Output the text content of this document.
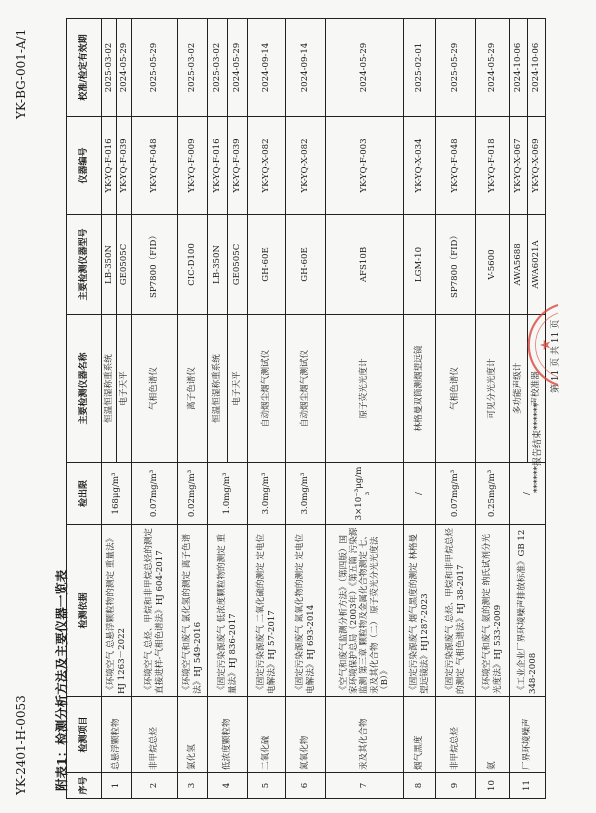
YK-2401-H-0053
YK-BG-001-A/1
附表1：检测分析方法及主要仪器一览表 序号	检测项目	检测依据	检出限	主要检测仪器名称	主要检测仪器型号	仪器编号	校准/检定有效期
1	总悬浮颗粒物	《环境空气 总悬浮颗粒物的测定 重量法》HJ 1263－2022	168μg/m³	恒温恒湿称重系统	LB-350N	YK-YQ-F-016	2025-03-02
				电子天平	GE0505C	YK-YQ-F-039	2024-05-29
2	非甲烷总烃	《环境空气 总烃、甲烷和非甲烷总烃的测定 直接进样-气相色谱法》HJ 604-2017	0.07mg/m³	气相色谱仪	SP7800（FID）	YK-YQ-F-048	2025-05-29
3	氯化氢	《环境空气和废气 氯化氢的测定 离子色谱法》HJ 549-2016	0.02mg/m³	离子色谱仪	CIC-D100	YK-YQ-F-009	2025-03-02
4	低浓度颗粒物	《固定污染源废气 低浓度颗粒物的测定 重量法》HJ 836-2017	1.0mg/m³	恒温恒湿称重系统	LB-350N	YK-YQ-F-016	2025-03-02
				电子天平	GE0505C	YK-YQ-F-039	2024-05-29
5	二氧化硫	《固定污染源废气 二氧化硫的测定 定电位电解法》HJ 57-2017	3.0mg/m³	自动烟尘烟气测试仪	GH-60E	YK-YQ-X-082	2024-09-14
6	氮氧化物	《固定污染源废气 氮氧化物的测定 定电位电解法》HJ 693-2014	3.0mg/m³	自动烟尘烟气测试仪	GH-60E	YK-YQ-X-082	2024-09-14
7	汞及其化合物	《空气和废气监测分析方法》（第四版）国家环境保护总局（2003年）《第五篇 污染源监测 第三章 颗粒物及金属化合物测定 七、汞及其化合物（二） 原子荧光分光光度法（B）》	3×10⁻³μg/m³	原子荧光光度计	AFS10B	YK-YQ-F-003	2024-05-29
8	烟气黑度	《固定污染源废气 烟气黑度的测定 林格曼望远镜法》HJ1287-2023	/	林格曼双筒测烟望远镜	LGM-10	YK-YQ-X-034	2025-02-01
9	非甲烷总烃	《固定污染源废气 总烃、甲烷和非甲烷总烃的测定 气相色谱法》HJ 38-2017	0.07mg/m³	气相色谱仪	SP7800（FID）	YK-YQ-F-048	2025-05-29
10	氨	《环境空气和废气 氨的测定 纳氏试剂分光光度法》HJ 533-2009	0.25mg/m³	可见分光光度计	V-5600	YK-YQ-F-018	2024-05-29
11	厂界环境噪声	《工业企业厂界环境噪声排放标准》GB 12348-2008	/	多功能声级计	AWA5688	YK-YQ-X-067	2024-10-06
				声校准器	AWA6021A	YK-YQ-X-069	2024-10-06
******报告结束******
第 11 页 共 11 页
★
